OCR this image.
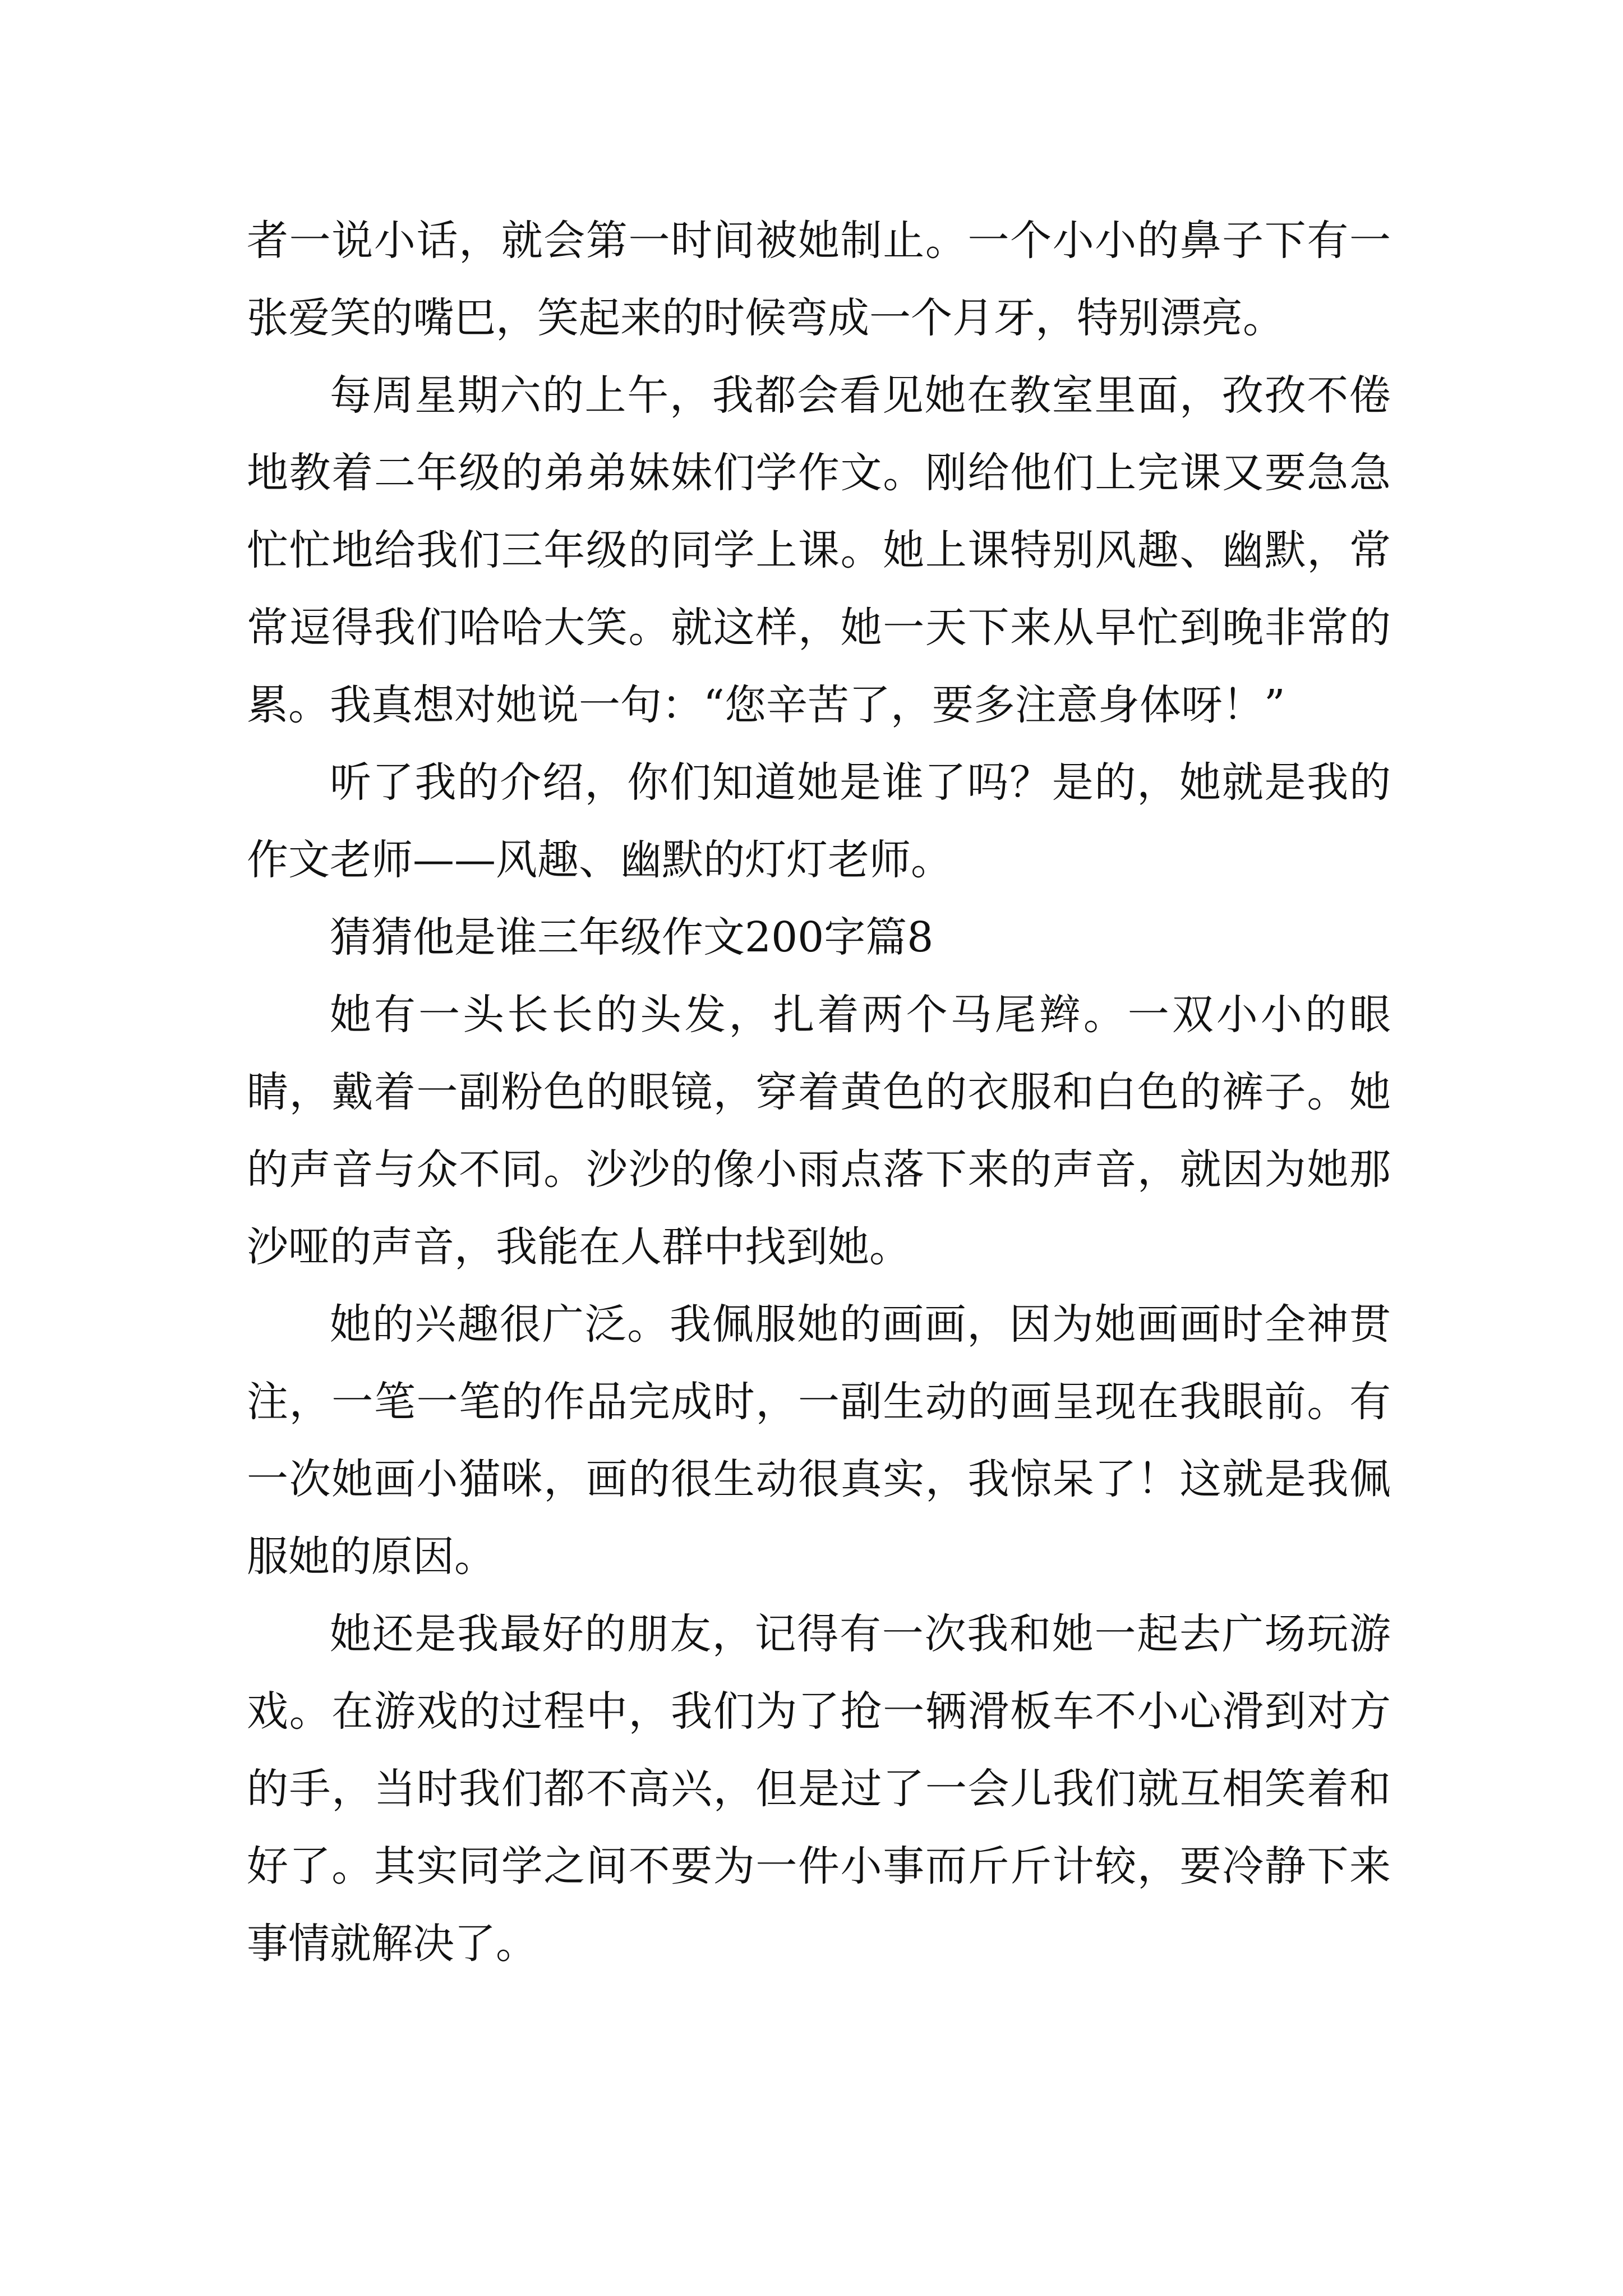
者一说小话，就会第一时间被她制止。一个小小的鼻子下有一张爱笑的嘴巴，笑起来的时候弯成一个月牙，特别漂亮。

每周星期六的上午，我都会看见她在教室里面，孜孜不倦地教着二年级的弟弟妹妹们学作文。刚给他们上完课又要急急忙忙地给我们三年级的同学上课。她上课特别风趣、幽默，常常逗得我们哈哈大笑。就这样，她一天下来从早忙到晚非常的累。我真想对她说一句：“您辛苦了，要多注意身体呀！”

听了我的介绍，你们知道她是谁了吗？是的，她就是我的作文老师——风趣、幽默的灯灯老师。

猜猜他是谁三年级作文200字篇8

她有一头长长的头发，扎着两个马尾辫。一双小小的眼睛，戴着一副粉色的眼镜，穿着黄色的衣服和白色的裤子。她的声音与众不同。沙沙的像小雨点落下来的声音，就因为她那沙哑的声音，我能在人群中找到她。

她的兴趣很广泛。我佩服她的画画，因为她画画时全神贯注，一笔一笔的作品完成时，一副生动的画呈现在我眼前。有一次她画小猫咪，画的很生动很真实，我惊呆了！这就是我佩服她的原因。

她还是我最好的朋友，记得有一次我和她一起去广场玩游戏。在游戏的过程中，我们为了抢一辆滑板车不小心滑到对方的手，当时我们都不高兴，但是过了一会儿我们就互相笑着和好了。其实同学之间不要为一件小事而斤斤计较，要冷静下来事情就解决了。
